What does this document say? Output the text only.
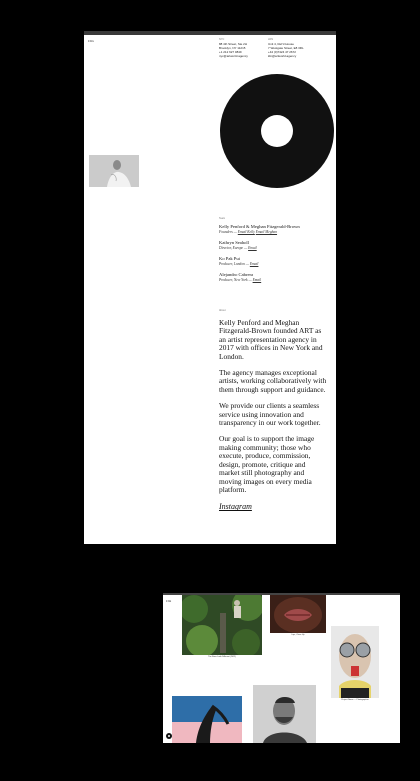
Clix	NYC
88 4th Street, Ste 2H
Brooklyn, NY 11215
+1 212 627 0849
nyc@artworld.agency
LDN
Unit 4, Ref'd House
7 Westgate Street, E8 3RL
+44 (0)7424 47 2672
ldn@artworld.agency
Team
Kelly Penford & Meghan Fitzgerald-Brown
Founders — Email Kelly Email Meghan
Kathryn Seaholl
Director, Europe — Email
Ko Pak Pui
Producer, London — Email
Alejandro Cabrera
Producer, New York — Email
About

Kelly Penford and Meghan Fitzgerald-Brown founded ART as an artist representation agency in 2017 with offices in New York and London.

The agency manages exceptional artists, working collaboratively with them through support and guidance.

We provide our clients a seamless service using innovation and transparency in our work together.

Our goal is to support the image making community; those who execute, produce, commission, design, promote, critique and market still photography and moving images on every media platform.

Instagram
Clix
The Stars Look Different (2021)
Lips, Close Up
Project Name — Photographer
